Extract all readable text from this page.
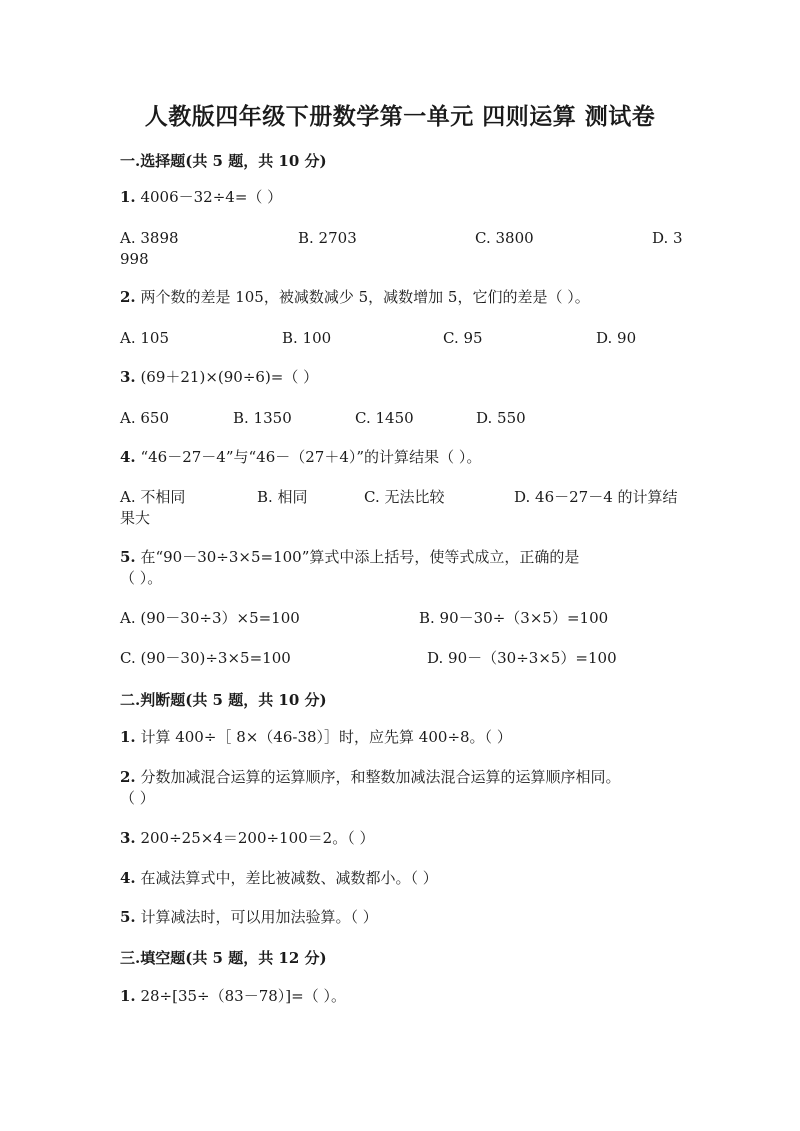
人教版四年级下册数学第一单元 四则运算 测试卷
一.选择题(共 5 题，共 10 分)
1. 4006－32÷4=（ ）
A. 3898	B. 2703	C. 3800	D. 3
998
2. 两个数的差是 105，被减数减少 5，减数增加 5，它们的差是（ ）。
A. 105	B. 100	C. 95	D. 90
3. (69＋21)×(90÷6)=（ ）
A. 650	B. 1350	C. 1450	D. 550
4. “46－27－4”与“46－（27＋4）”的计算结果（ ）。
A. 不相同	B. 相同	C. 无法比较	D. 46－27－4 的计算结
果大
5. 在“90－30÷3×5=100”算式中添上括号，使等式成立，正确的是
（ ）。
A. (90－30÷3）×5=100	B. 90－30÷（3×5）=100
C. (90－30)÷3×5=100	D. 90－（30÷3×5）=100
二.判断题(共 5 题，共 10 分)
1. 计算 400÷［ 8×（46-38）］时，应先算 400÷8。（ ）
2. 分数加减混合运算的运算顺序，和整数加减法混合运算的运算顺序相同。
（ ）
3. 200÷25×4＝200÷100＝2。（ ）
4. 在减法算式中，差比被减数、减数都小。（ ）
5. 计算减法时，可以用加法验算。（ ）
三.填空题(共 5 题，共 12 分)
1. 28÷[35÷（83－78）]=（ ）。
